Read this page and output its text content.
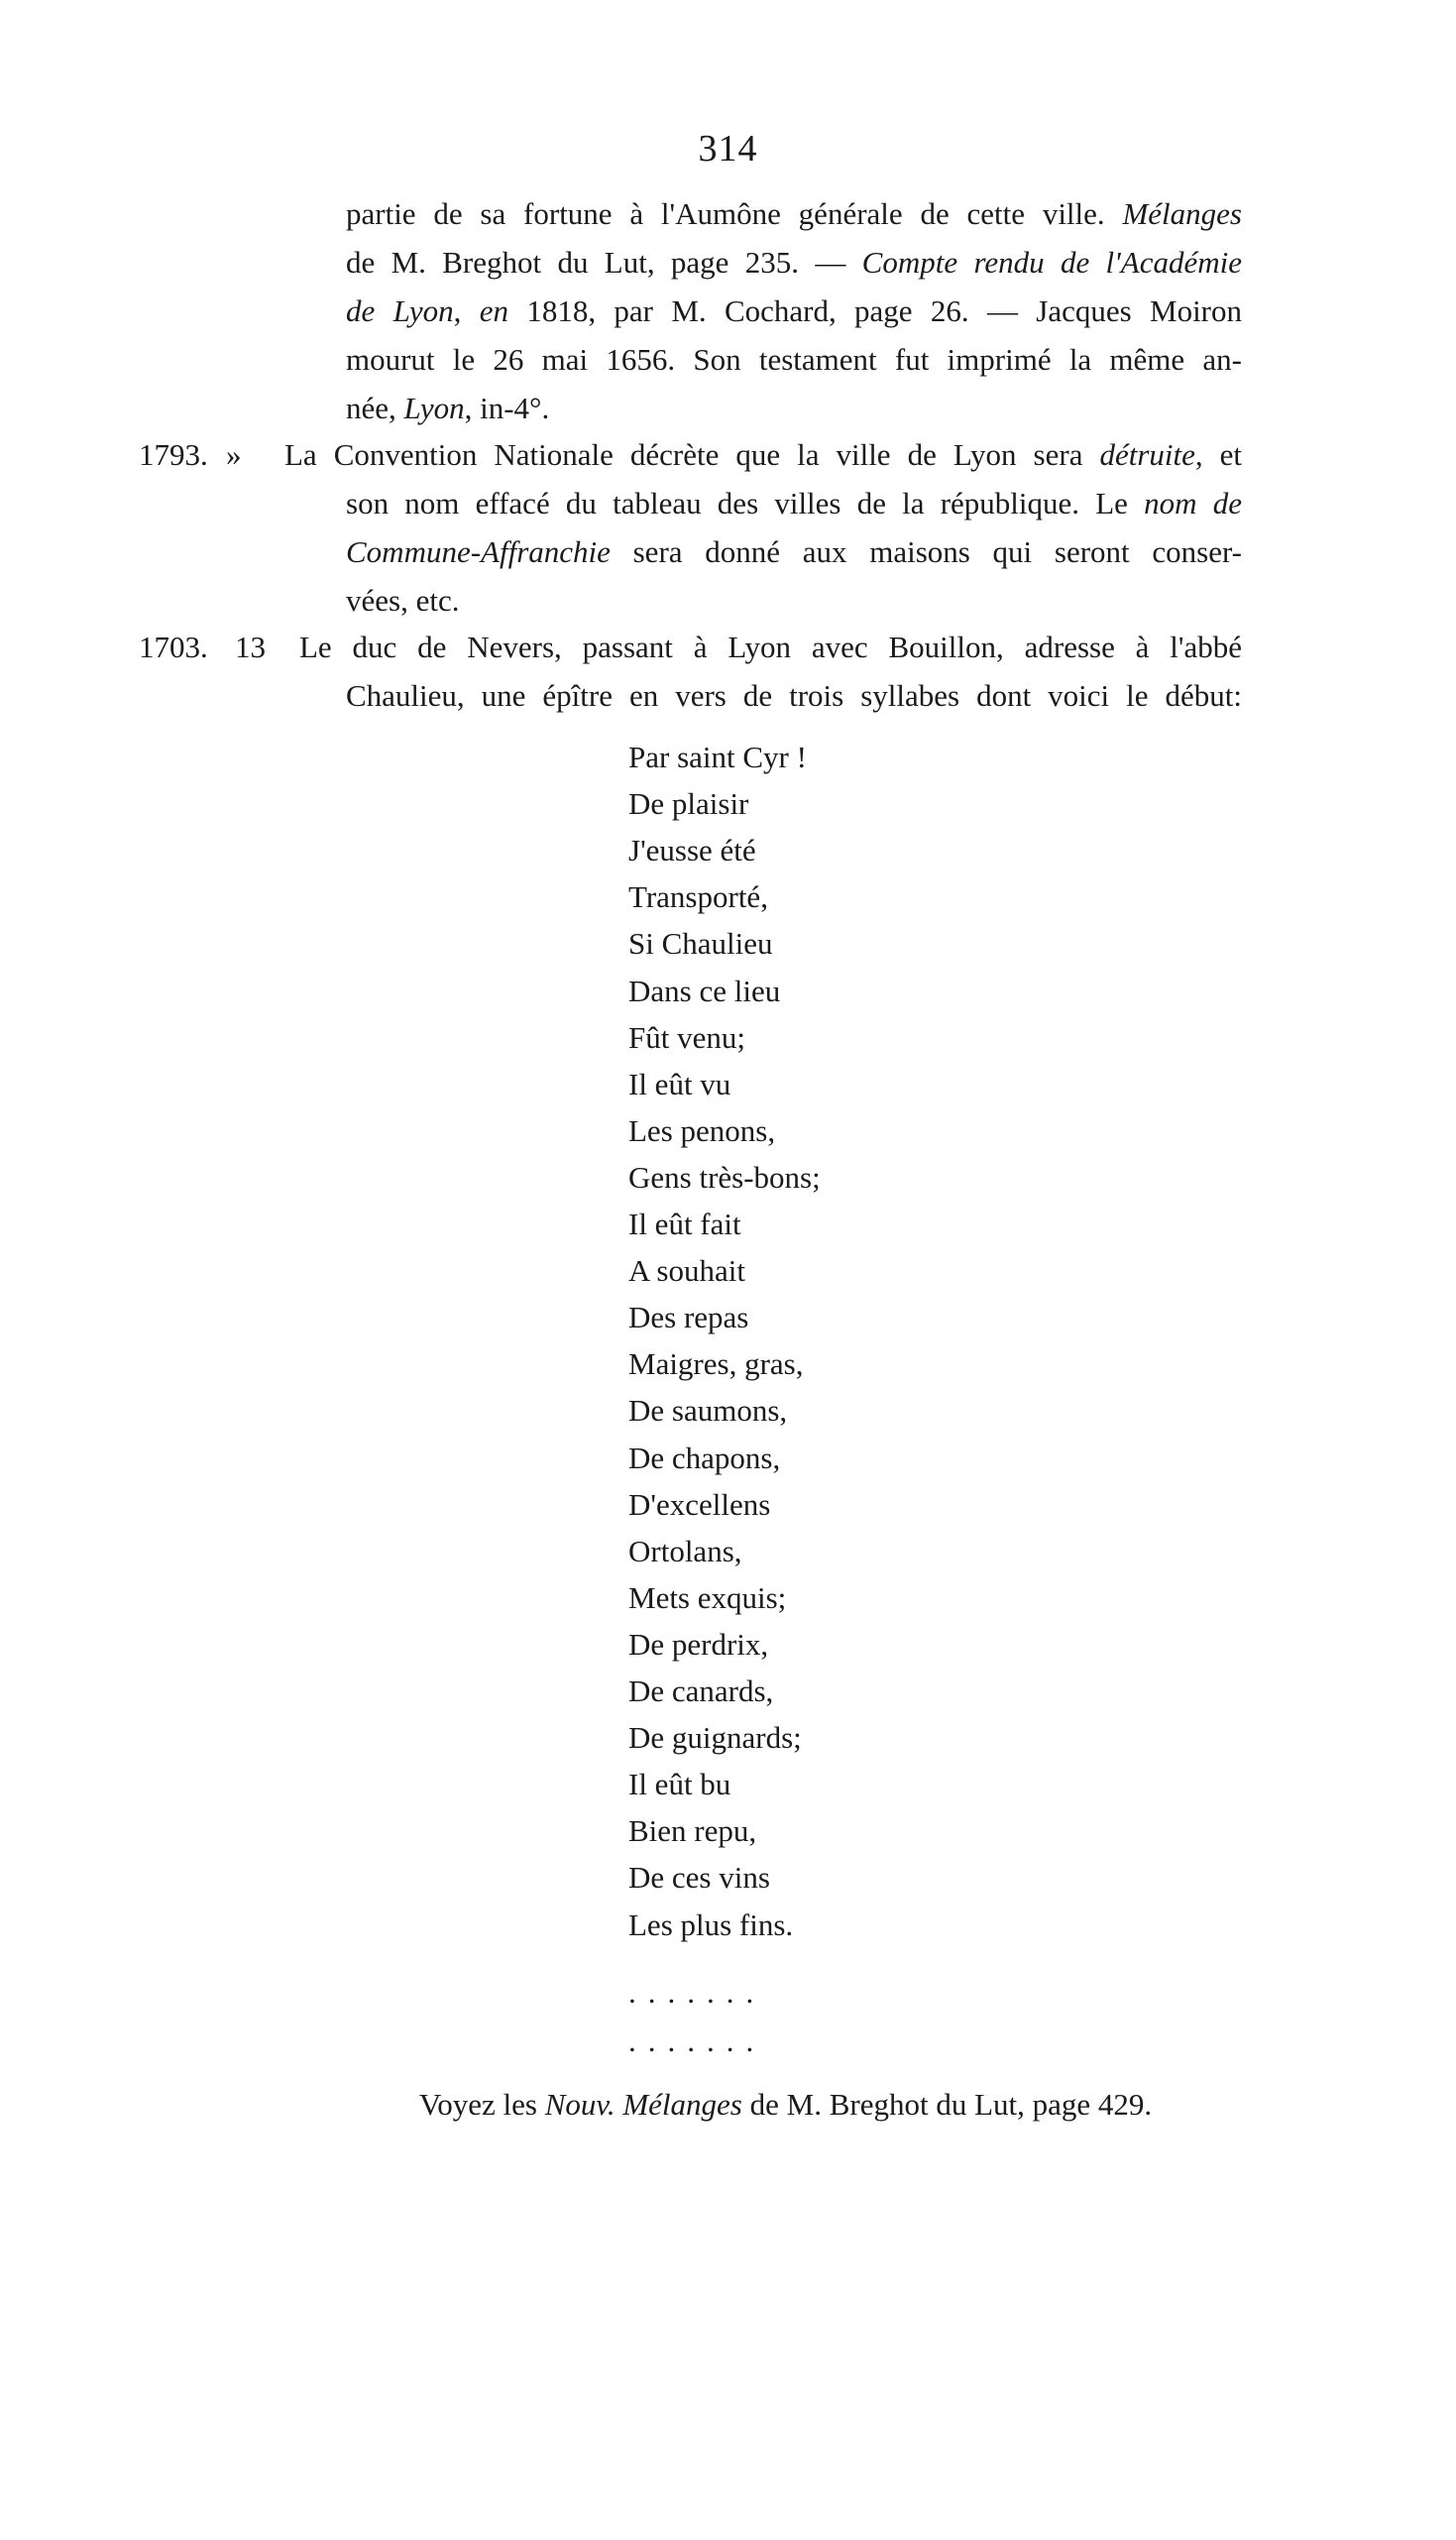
314
partie de sa fortune à l'Aumône générale de cette ville. Mélanges
de M. Breghot du Lut, page 235. — Compte rendu de l'Académie
de Lyon, en 1818, par M. Cochard, page 26. — Jacques Moiron
mourut le 26 mai 1656. Son testament fut imprimé la même an-
née, Lyon, in-4°.
1793. » La Convention Nationale décrète que la ville de Lyon sera détruite, et
son nom effacé du tableau des villes de la république. Le nom de
Commune-Affranchie sera donné aux maisons qui seront conser-
vées, etc.
1703. 13 Le duc de Nevers, passant à Lyon avec Bouillon, adresse à l'abbé
Chaulieu, une épître en vers de trois syllabes dont voici le début:
Par saint Cyr !
De plaisir
J'eusse été
Transporté,
Si Chaulieu
Dans ce lieu
Fût venu;
Il eût vu
Les penons,
Gens très-bons;
Il eût fait
A souhait
Des repas
Maigres, gras,
De saumons,
De chapons,
D'excellens
Ortolans,
Mets exquis;
De perdrix,
De canards,
De guignards;
Il eût bu
Bien repu,
De ces vins
Les plus fins.
.......
.......
Voyez les Nouv. Mélanges de M. Breghot du Lut, page 429.
